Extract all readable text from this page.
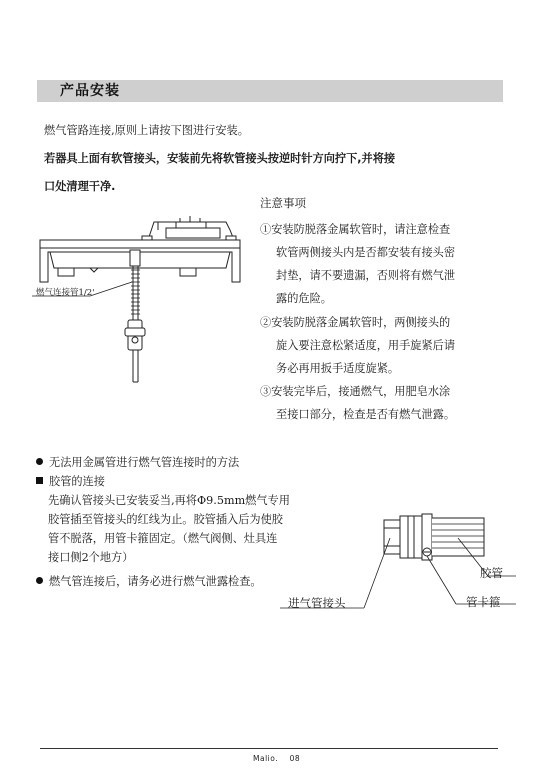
产品安装
燃气管路连接,原则上请按下图进行安装。
若器具上面有软管接头，安装前先将软管接头按逆时针方向拧下,并将接
口处清理干净.
燃气连接管1/2'
注意事项
①安装防脱落金属软管时，请注意检查
软管两侧接头内是否都安装有接头密
封垫，请不要遗漏，否则将有燃气泄
露的危险。
②安装防脱落金属软管时，两侧接头的
旋入要注意松紧适度，用手旋紧后请
务必再用扳手适度旋紧。
③安装完毕后，接通燃气，用肥皂水涂
至接口部分，检查是否有燃气泄露。
无法用金属管进行燃气管连接时的方法
胶管的连接
先确认管接头已安装妥当,再将Φ9.5mm燃气专用
胶管插至管接头的红线为止。胶管插入后为使胶
管不脱落，用管卡箍固定。（燃气阀侧、灶具连
接口侧2个地方）
燃气管连接后，请务必进行燃气泄露检查。
胶管
进气管接头	管卡箍
Malio.    08
